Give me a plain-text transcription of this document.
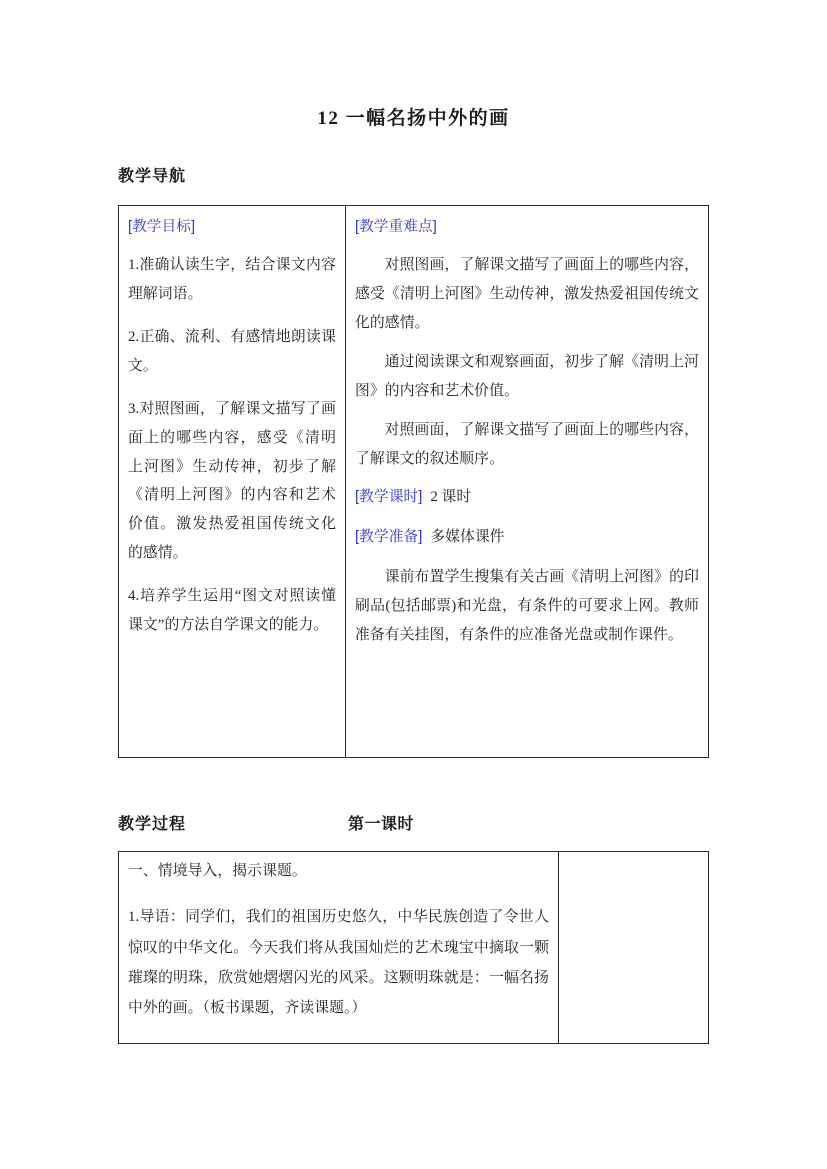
12 一幅名扬中外的画
教学导航

[教学目标]

1.准确认读生字，结合课文内容理解词语。

2.正确、流利、有感情地朗读课文。

3.对照图画，了解课文描写了画面上的哪些内容，感受《清明上河图》生动传神，初步了解《清明上河图》的内容和艺术价值。激发热爱祖国传统文化的感情。

4.培养学生运用“图文对照读懂课文”的方法自学课文的能力。

[教学重难点]

对照图画，了解课文描写了画面上的哪些内容，感受《清明上河图》生动传神，激发热爱祖国传统文化的感情。

通过阅读课文和观察画面，初步了解《清明上河图》的内容和艺术价值。

对照画面，了解课文描写了画面上的哪些内容，了解课文的叙述顺序。

[教学课时] 2 课时

[教学准备] 多媒体课件

课前布置学生搜集有关古画《清明上河图》的印刷品(包括邮票)和光盘，有条件的可要求上网。教师准备有关挂图，有条件的应准备光盘或制作课件。

教学过程	第一课时

一、情境导入，揭示课题。

1.导语：同学们，我们的祖国历史悠久，中华民族创造了令世人惊叹的中华文化。今天我们将从我国灿烂的艺术瑰宝中摘取一颗璀璨的明珠，欣赏她熠熠闪光的风采。这颗明珠就是：一幅名扬中外的画。（板书课题，齐读课题。）
